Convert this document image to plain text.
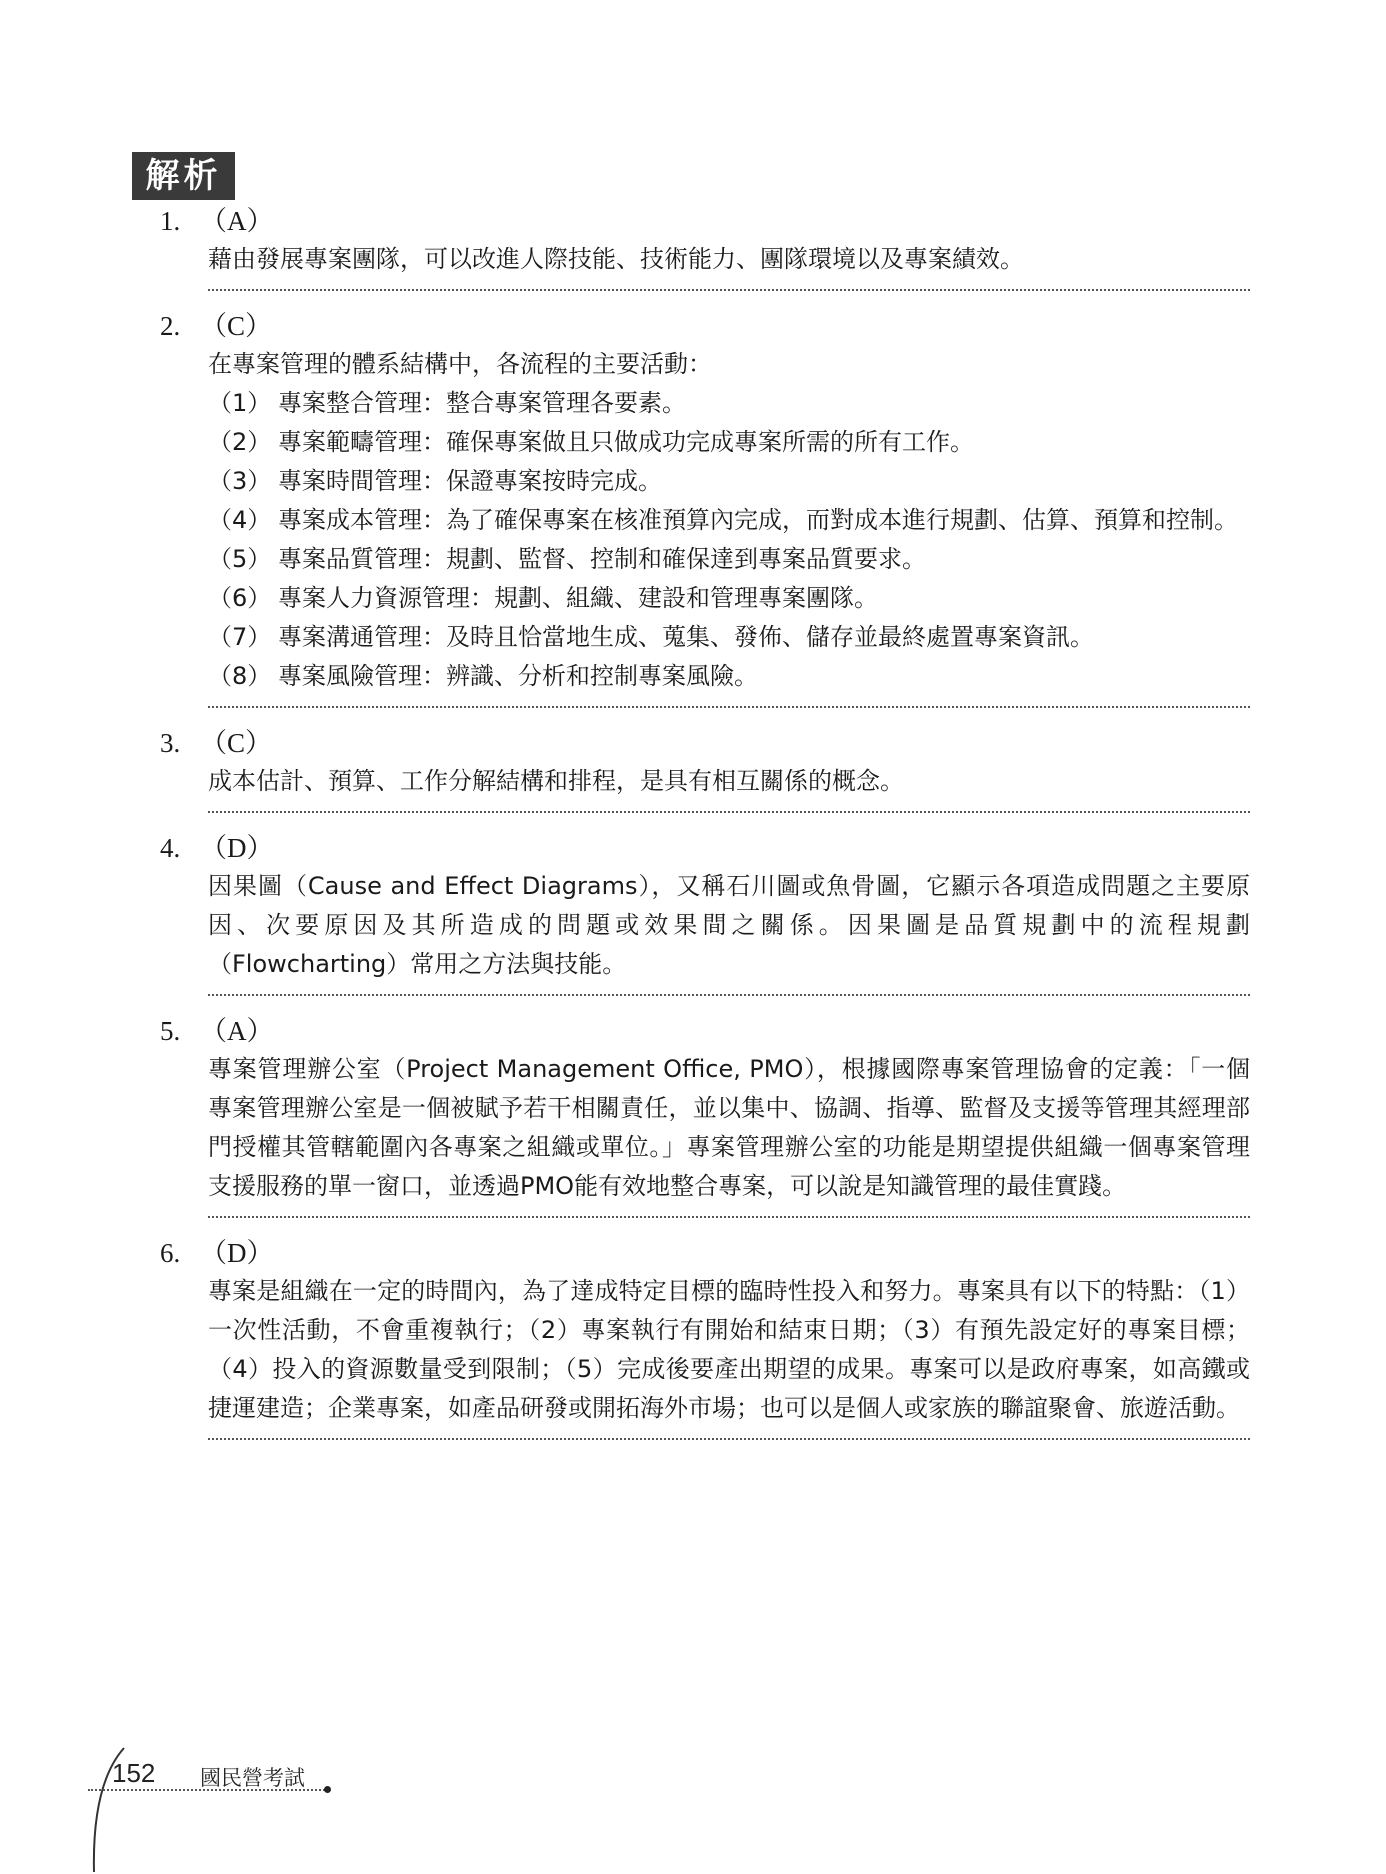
解析
1. （A）
藉由發展專案團隊，可以改進人際技能、技術能力、團隊環境以及專案績效。
2. （C）
在專案管理的體系結構中，各流程的主要活動：
（1） 專案整合管理：整合專案管理各要素。
（2） 專案範疇管理：確保專案做且只做成功完成專案所需的所有工作。
（3） 專案時間管理：保證專案按時完成。
（4） 專案成本管理：為了確保專案在核准預算內完成，而對成本進行規劃、估算、預算和控制。
（5） 專案品質管理：規劃、監督、控制和確保達到專案品質要求。
（6） 專案人力資源管理：規劃、組織、建設和管理專案團隊。
（7） 專案溝通管理：及時且恰當地生成、蒐集、發佈、儲存並最終處置專案資訊。
（8） 專案風險管理：辨識、分析和控制專案風險。
3. （C）
成本估計、預算、工作分解結構和排程，是具有相互關係的概念。
4. （D）
因果圖（Cause and Effect Diagrams），又稱石川圖或魚骨圖，它顯示各項造成問題之主要原因、次要原因及其所造成的問題或效果間之關係。因果圖是品質規劃中的流程規劃（Flowcharting）常用之方法與技能。
5. （A）
專案管理辦公室（Project Management Office, PMO），根據國際專案管理協會的定義：「一個專案管理辦公室是一個被賦予若干相關責任，並以集中、協調、指導、監督及支援等管理其經理部門授權其管轄範圍內各專案之組織或單位。」專案管理辦公室的功能是期望提供組織一個專案管理支援服務的單一窗口，並透過PMO能有效地整合專案，可以說是知識管理的最佳實踐。
6. （D）
專案是組織在一定的時間內，為了達成特定目標的臨時性投入和努力。專案具有以下的特點：（1）一次性活動，不會重複執行；（2）專案執行有開始和結束日期；（3）有預先設定好的專案目標；（4）投入的資源數量受到限制；（5）完成後要產出期望的成果。專案可以是政府專案，如高鐵或捷運建造；企業專案，如產品研發或開拓海外市場；也可以是個人或家族的聯誼聚會、旅遊活動。
152 國民營考試
